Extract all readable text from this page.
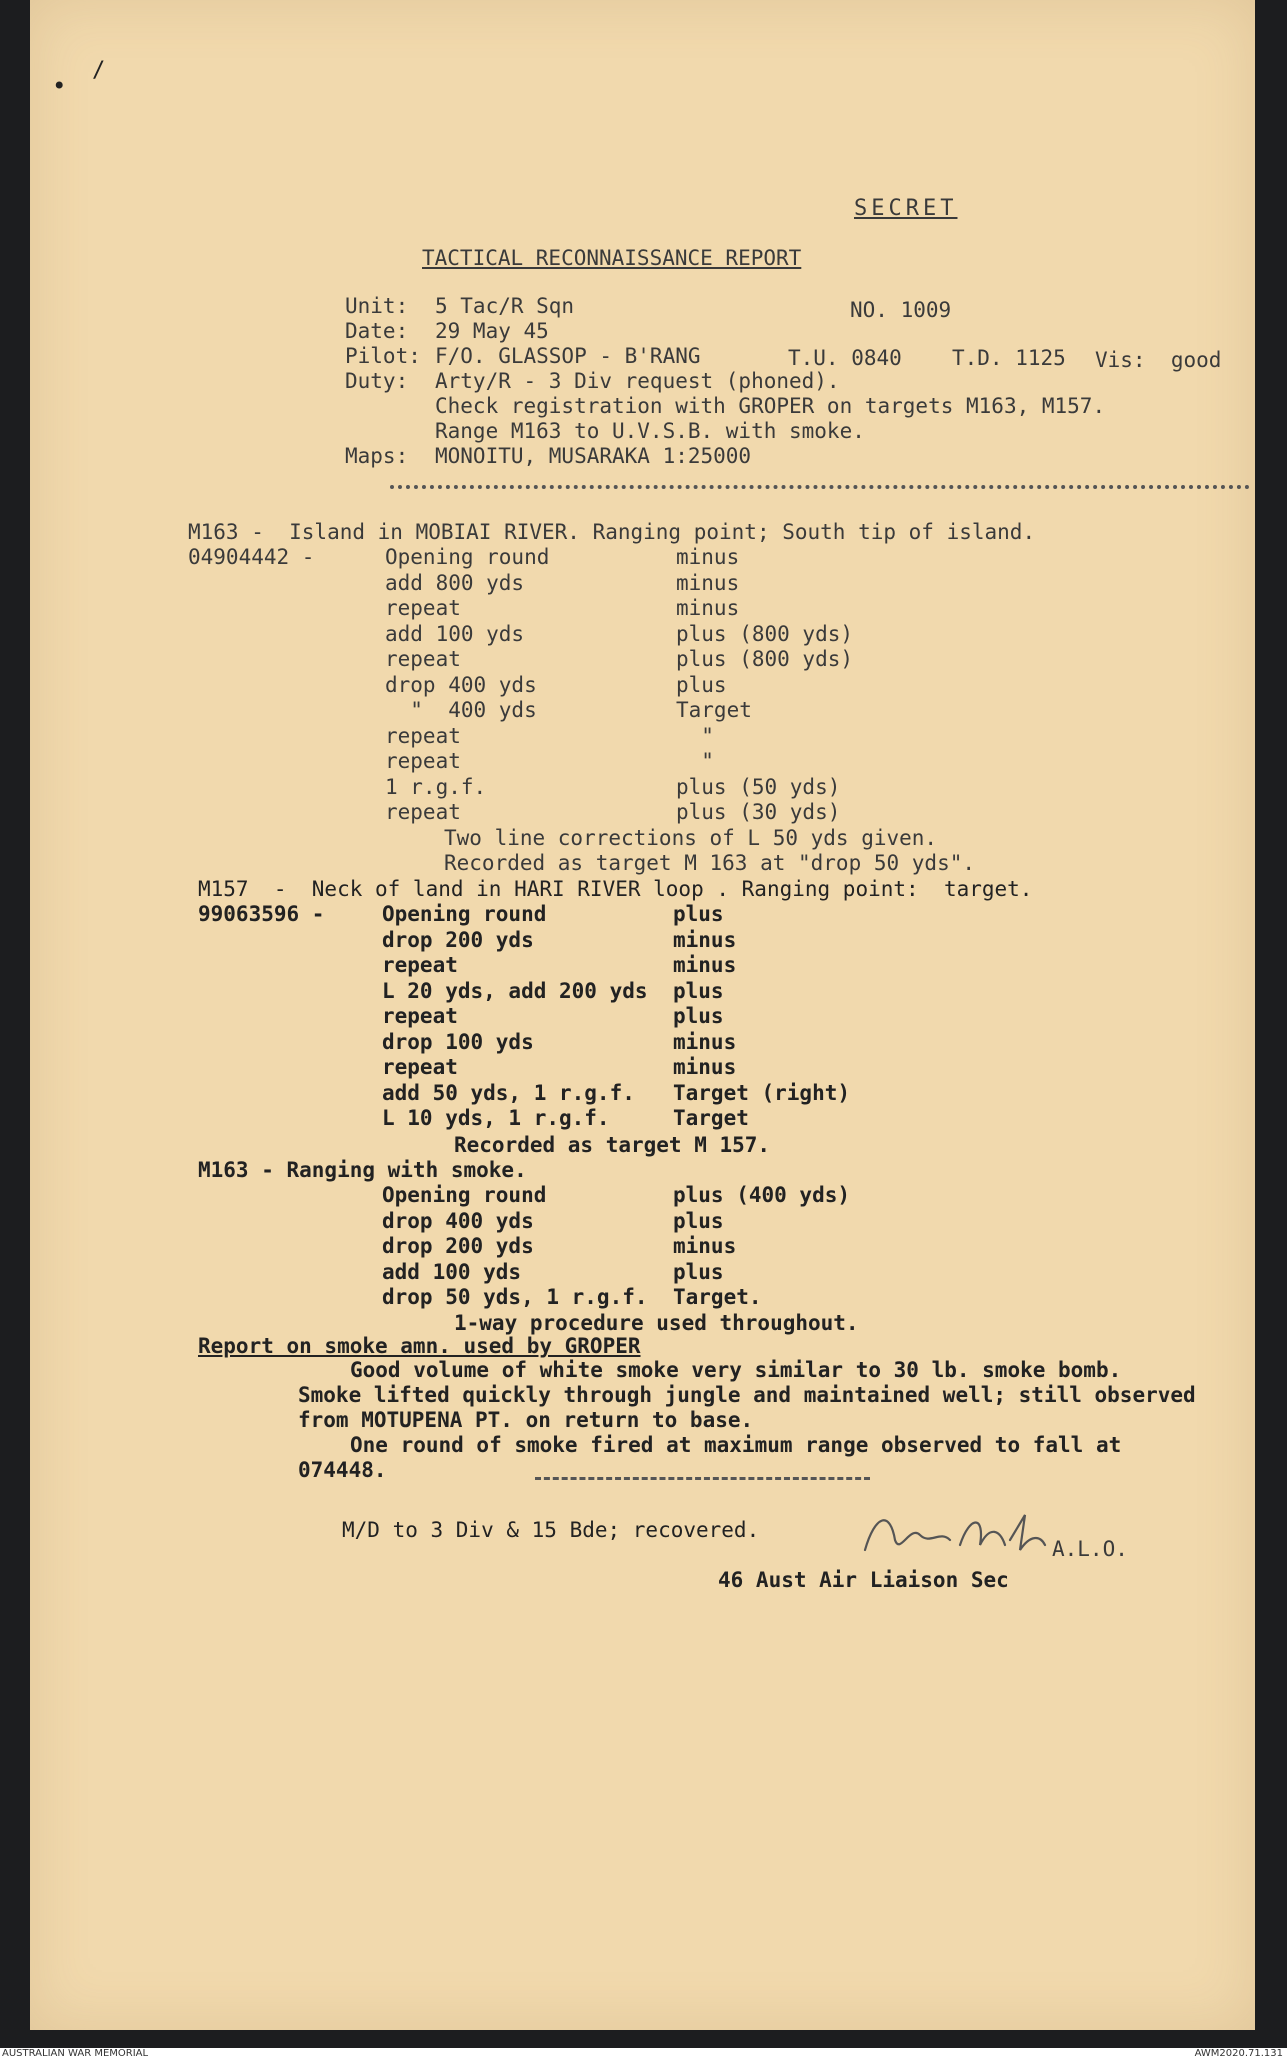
•
/
SECRET
TACTICAL RECONNAISSANCE REPORT
Unit: 5 Tac/R Sqn	NO. 1009
Date: 29 May 45
Pilot: F/O. GLASSOP - B'RANG	T.U. 0840 T.D. 1125 Vis:  good
Duty: Arty/R - 3 Div request (phoned).
Check registration with GROPER on targets M163, M157.
Range M163 to U.V.S.B. with smoke.
Maps: MONOITU, MUSARAKA 1:25000
M163 -  Island in MOBIAI RIVER. Ranging point; South tip of island.
04904442 -	Opening round	minus
add 800 yds	minus
repeat	minus
add 100 yds	plus (800 yds)
repeat	plus (800 yds)
drop 400 yds	plus
"  400 yds	Target
repeat	"
repeat	"
1 r.g.f.	plus (50 yds)
repeat	plus (30 yds)
Two line corrections of L 50 yds given.
Recorded as target M 163 at "drop 50 yds".
M157  -  Neck of land in HARI RIVER loop . Ranging point:  target.
99063596 -	Opening round	plus
drop 200 yds	minus
repeat	minus
L 20 yds, add 200 yds plus
repeat	plus
drop 100 yds	minus
repeat	minus
add 50 yds, 1 r.g.f. Target (right)
L 10 yds, 1 r.g.f.	Target
Recorded as target M 157.
M163 - Ranging with smoke.
Opening round	plus (400 yds)
drop 400 yds	plus
drop 200 yds	minus
add 100 yds	plus
drop 50 yds, 1 r.g.f. Target.
1-way procedure used throughout.
Report on smoke amn. used by GROPER
Good volume of white smoke very similar to 30 lb. smoke bomb.
Smoke lifted quickly through jungle and maintained well; still observed
from MOTUPENA PT. on return to base.
One round of smoke fired at maximum range observed to fall at
074448.
M/D to 3 Div & 15 Bde; recovered.
A.L.O.
46 Aust Air Liaison Sec
AUSTRALIAN WAR MEMORIAL	AWM2020.71.131
